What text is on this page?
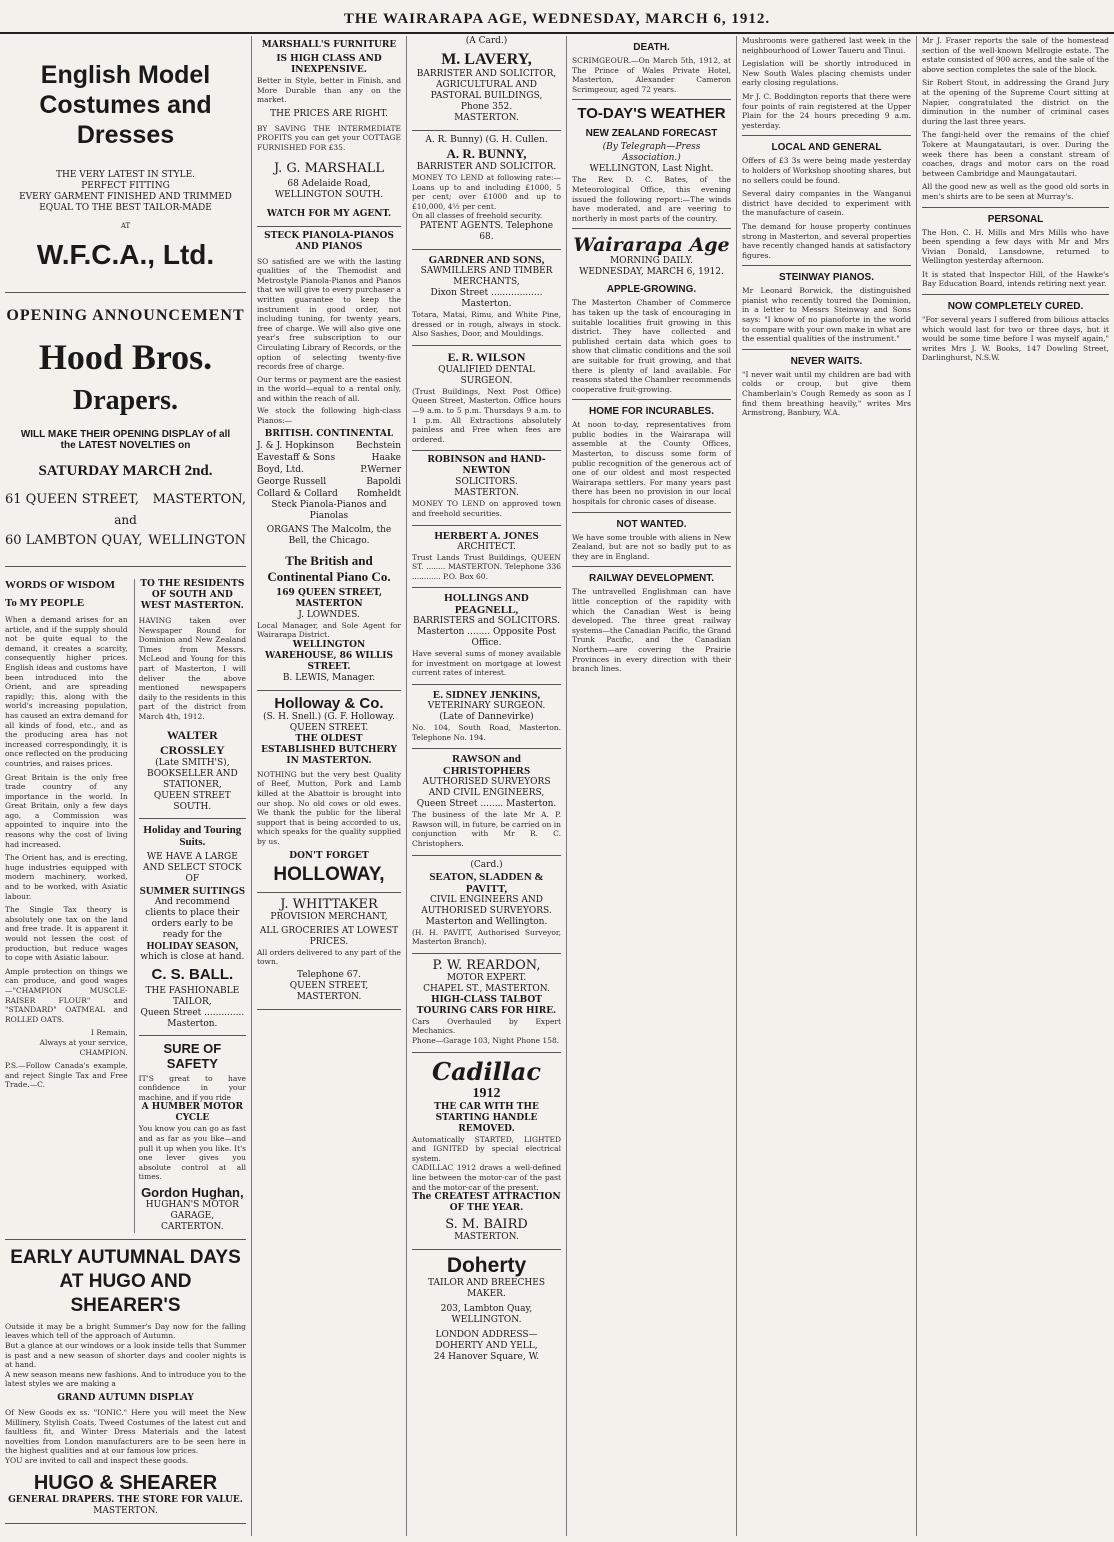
THE WAIRARAPA AGE, WEDNESDAY, MARCH 6, 1912.
English Model
Costumes and
Dresses
THE VERY LATEST IN STYLE.
PERFECT FITTING
EVERY GARMENT FINISHED AND TRIMMED
EQUAL TO THE BEST TAILOR-MADE
AT
W.F.C.A., Ltd.
OPENING ANNOUNCEMENT
Hood Bros.
Drapers.
WILL MAKE THEIR OPENING DISPLAY of all
the LATEST NOVELTIES on
SATURDAY MARCH 2nd.
61 QUEEN STREET, MASTERTON,
and
60 LAMBTON QUAY, WELLINGTON
WORDS OF WISDOM
To MY PEOPLE
When a demand arises for an article, and if the supply should not be quite equal to the demand, it creates a scarcity, consequently higher prices. English ideas and customs have been introduced into the Orient, and are spreading rapidly; this, along with the world's increasing population, has caused an extra demand for all kinds of food, etc., and as the producing area has not increased correspondingly, it is once reflected on the producing countries, and raises prices.
Great Britain is the only free trade country of any importance in the world. In Great Britain, only a few days ago, a Commission was appointed to inquire into the reasons why the cost of living had increased.
The Orient has, and is erecting, huge industries equipped with modern machinery, worked, and to be worked, with Asiatic labour.
The Single Tax theory is absolutely one tax on the land and free trade. It is apparent it would not lessen the cost of production, but reduce wages to cope with Asiatic labour.
Ample protection on things we can produce, and good wages—"CHAMPION MUSCLE-RAISER FLOUR" and "STANDARD" OATMEAL and ROLLED OATS.
I Remain,
Always at your service,
CHAMPION.
P.S.—Follow Canada's example, and reject Single Tax and Free Trade.—C.
TO THE RESIDENTS OF SOUTH AND WEST MASTERTON.
HAVING taken over Newspaper Round for Dominion and New Zealand Times from Messrs. McLeod and Young for this part of Masterton, I will deliver the above mentioned newspapers daily to the residents in this part of the district from March 4th, 1912.
WALTER CROSSLEY
(Late SMITH'S),
BOOKSELLER AND STATIONER,
QUEEN STREET SOUTH.
Holiday and Touring Suits.
WE HAVE A LARGE AND SELECT STOCK OF
SUMMER SUITINGS
And recommend clients to place their orders early to be ready for the
HOLIDAY SEASON,
which is close at hand.
C. S. BALL.
THE FASHIONABLE TAILOR,
Queen Street .............. Masterton.
SURE OF SAFETY
IT'S great to have confidence in your machine, and if you ride
A HUMBER MOTOR CYCLE
You know you can go as fast and as far as you like—and pull it up when you like. It's one lever gives you absolute control at all times.
Gordon Hughan,
HUGHAN'S MOTOR GARAGE,
CARTERTON.
EARLY AUTUMNAL DAYS
AT HUGO AND SHEARER'S
Outside it may be a bright Summer's Day now for the falling leaves which tell of the approach of Autumn.
But a glance at our windows or a look inside tells that Summer is past and a new season of shorter days and cooler nights is at hand.
A new season means new fashions. And to introduce you to the latest styles we are making a
GRAND AUTUMN DISPLAY
Of New Goods ex ss. "IONIC." Here you will meet the New Millinery, Stylish Coats, Tweed Costumes of the latest cut and faultless fit, and Winter Dress Materials and the latest novelties from London manufacturers are to be seen here in the highest qualities and at our famous low prices.
YOU are invited to call and inspect these goods.
HUGO & SHEARER
GENERAL DRAPERS. THE STORE FOR VALUE.
MASTERTON.
MARSHALL'S FURNITURE
IS HIGH CLASS AND INEXPENSIVE.
Better in Style, better in Finish, and More Durable than any on the market.
THE PRICES ARE RIGHT.
BY SAVING THE INTERMEDIATE PROFITS you can get your COTTAGE FURNISHED FOR £35.
J. G. MARSHALL
68 Adelaide Road,
WELLINGTON SOUTH.
WATCH FOR MY AGENT.
STECK PIANOLA-PIANOS AND PIANOS
SO satisfied are we with the lasting qualities of the Themodist and Metrostyle Pianola-Pianos and Pianos that we will give to every purchaser a written guarantee to keep the instrument in good order, not including tuning, for twenty years, free of charge. We will also give one year's free subscription to our Circulating Library of Records, or the option of selecting twenty-five records free of charge.
Our terms or payment are the easiest in the world—equal to a rental only, and within the reach of all.
We stock the following high-class Pianos:—
BRITISH. CONTINENTAL
J. & J. Hopkinson Bechstein
Eavestaff & Sons	Haake
Boyd, Ltd.	P.Werner
George Russell	Bapoldi
Collard & Collard Romheldt
Steck Pianola-Pianos and Pianolas
ORGANS The Malcolm, the Bell, the Chicago.
The British and Continental Piano Co.
169 QUEEN STREET, MASTERTON
J. LOWNDES.
Local Manager, and Sole Agent for Wairarapa District.
WELLINGTON WAREHOUSE, 86 WILLIS STREET.
B. LEWIS, Manager.
Holloway & Co.
(S. H. Snell.) (G. F. Holloway.
QUEEN STREET.
THE OLDEST ESTABLISHED BUTCHERY IN MASTERTON.
NOTHING but the very best Quality of Beef, Mutton, Pork and Lamb killed at the Abattoir is brought into our shop. No old cows or old ewes. We thank the public for the liberal support that is being accorded to us, which speaks for the quality supplied by us.
DON'T FORGET
HOLLOWAY,
J. WHITTAKER
PROVISION MERCHANT,
ALL GROCERIES AT LOWEST PRICES.
All orders delivered to any part of the town.
Telephone 67.
QUEEN STREET, MASTERTON.
(A Card.)
M. LAVERY,
BARRISTER AND SOLICITOR,
AGRICULTURAL AND PASTORAL BUILDINGS,
Phone 352.
MASTERTON.
A. R. Bunny) (G. H. Cullen.
A. R. BUNNY,
BARRISTER AND SOLICITOR.
MONEY TO LEND at following rate:—Loans up to and including £1000, 5 per cent; over £1000 and up to £10,000, 4½ per cent.
On all classes of freehold security.
PATENT AGENTS. Telephone 68.
GARDNER AND SONS,
SAWMILLERS AND TIMBER MERCHANTS,
Dixon Street .................. Masterton.
Totara, Matai, Rimu, and White Pine, dressed or in rough, always in stock. Also Sashes, Door, and Mouldings.
E. R. WILSON
QUALIFIED DENTAL SURGEON.
(Trust Buildings, Next Post Office) Queen Street, Masterton. Office hours—9 a.m. to 5 p.m. Thursdays 9 a.m. to 1 p.m. All Extractions absolutely painless and Free when fees are ordered.
ROBINSON and HAND-NEWTON
SOLICITORS.
MASTERTON.
MONEY TO LEND on approved town and freehold securities.
HERBERT A. JONES
ARCHITECT.
Trust Lands Trust Buildings, QUEEN ST. ........ MASTERTON. Telephone 336 ............ P.O. Box 60.
HOLLINGS AND PEAGNELL,
BARRISTERS and SOLICITORS.
Masterton ........ Opposite Post Office.
Have several sums of money available for investment on mortgage at lowest current rates of interest.
E. SIDNEY JENKINS,
VETERINARY SURGEON.
(Late of Dannevirke)
No. 104, South Road, Masterton. Telephone No. 194.
RAWSON and CHRISTOPHERS
AUTHORISED SURVEYORS AND CIVIL ENGINEERS,
Queen Street ........ Masterton.
The business of the late Mr A. P. Rawson will, in future, be carried on in conjunction with Mr R. C. Christophers.
(Card.)
SEATON, SLADDEN & PAVITT,
CIVIL ENGINEERS AND AUTHORISED SURVEYORS.
Masterton and Wellington.
(H. H. PAVITT, Authorised Surveyor, Masterton Branch).
P. W. REARDON,
MOTOR EXPERT.
CHAPEL ST., MASTERTON.
HIGH-CLASS TALBOT TOURING CARS FOR HIRE.
Cars Overhauled by Expert Mechanics.
Phone—Garage 103, Night Phone 158.
Cadillac
1912
THE CAR WITH THE STARTING HANDLE REMOVED.
Automatically STARTED, LIGHTED and IGNITED by special electrical system.
CADILLAC 1912 draws a well-defined line between the motor-car of the past and the motor-car of the present.
The CREATEST ATTRACTION OF THE YEAR.
S. M. BAIRD
MASTERTON.
Doherty
TAILOR AND BREECHES MAKER.
203, Lambton Quay,
WELLINGTON.
LONDON ADDRESS—
DOHERTY AND YELL,
24 Hanover Square, W.
DEATH.
SCRIMGEOUR.—On March 5th, 1912, at The Prince of Wales Private Hotel, Masterton, Alexander Cameron Scrimgeour, aged 72 years.
TO-DAY'S WEATHER
NEW ZEALAND FORECAST
(By Telegraph—Press Association.)
WELLINGTON, Last Night.
The Rev. D. C. Bates, of the Meteorological Office, this evening issued the following report:—The winds have moderated, and are veering to northerly in most parts of the country.
Wairarapa Age
MORNING DAILY.
WEDNESDAY, MARCH 6, 1912.
APPLE-GROWING.
The Masterton Chamber of Commerce has taken up the task of encouraging in suitable localities fruit growing in this district. They have collected and published certain data which goes to show that climatic conditions and the soil are suitable for fruit growing, and that there is plenty of land available. For reasons stated the Chamber recommends cooperative fruit-growing.
HOME FOR INCURABLES.
At noon to-day, representatives from public bodies in the Wairarapa will assemble at the County Offices, Masterton, to discuss some form of public recognition of the generous act of one of our oldest and most respected Wairarapa settlers. For many years past there has been no provision in our local hospitals for chronic cases of disease.
NOT WANTED.
We have some trouble with aliens in New Zealand, but are not so badly put to as they are in England.
RAILWAY DEVELOPMENT.
The untravelled Englishman can have little conception of the rapidity with which the Canadian West is being developed. The three great railway systems—the Canadian Pacific, the Grand Trunk Pacific, and the Canadian Northern—are covering the Prairie Provinces in every direction with their branch lines.
Mushrooms were gathered last week in the neighbourhood of Lower Taueru and Tinui.
Legislation will be shortly introduced in New South Wales placing chemists under early closing regulations.
Mr J. C. Boddington reports that there were four points of rain registered at the Upper Plain for the 24 hours preceding 9 a.m. yesterday.
LOCAL AND GENERAL
Offers of £3 3s were being made yesterday to holders of Workshop shooting shares, but no sellers could be found.
Several dairy companies in the Wanganui district have decided to experiment with the manufacture of casein.
The demand for house property continues strong in Masterton, and several properties have recently changed hands at satisfactory figures.
STEINWAY PIANOS.
Mr Leonard Borwick, the distinguished pianist who recently toured the Dominion, in a letter to Messrs Steinway and Sons says: "I know of no pianoforte in the world to compare with your own make in what are the essential qualities of the instrument."
NEVER WAITS.
"I never wait until my children are bad with colds or croup, but give them Chamberlain's Cough Remedy as soon as I find them breathing heavily," writes Mrs Armstrong, Banbury, W.A.
Mr J. Fraser reports the sale of the homestead section of the well-known Mellrogie estate. The estate consisted of 900 acres, and the sale of the above section completes the sale of the block.
Sir Robert Stout, in addressing the Grand Jury at the opening of the Supreme Court sitting at Napier, congratulated the district on the diminution in the number of criminal cases during the last three years.
The fangi-held over the remains of the chief Tokere at Maungatautari, is over. During the week there has been a constant stream of coaches, drags and motor cars on the road between Cambridge and Maungatautari.
All the good new as well as the good old sorts in men's shirts are to be seen at Murray's.
PERSONAL
The Hon. C. H. Mills and Mrs Mills who have been spending a few days with Mr and Mrs Vivian Donald, Lansdowne, returned to Wellington yesterday afternoon.
It is stated that Inspector Hill, of the Hawke's Bay Education Board, intends retiring next year.
NOW COMPLETELY CURED.
"For several years I suffered from bilious attacks which would last for two or three days, but it would be some time before I was myself again," writes Mrs J. W. Books, 147 Dowling Street, Darlinghurst, N.S.W.
